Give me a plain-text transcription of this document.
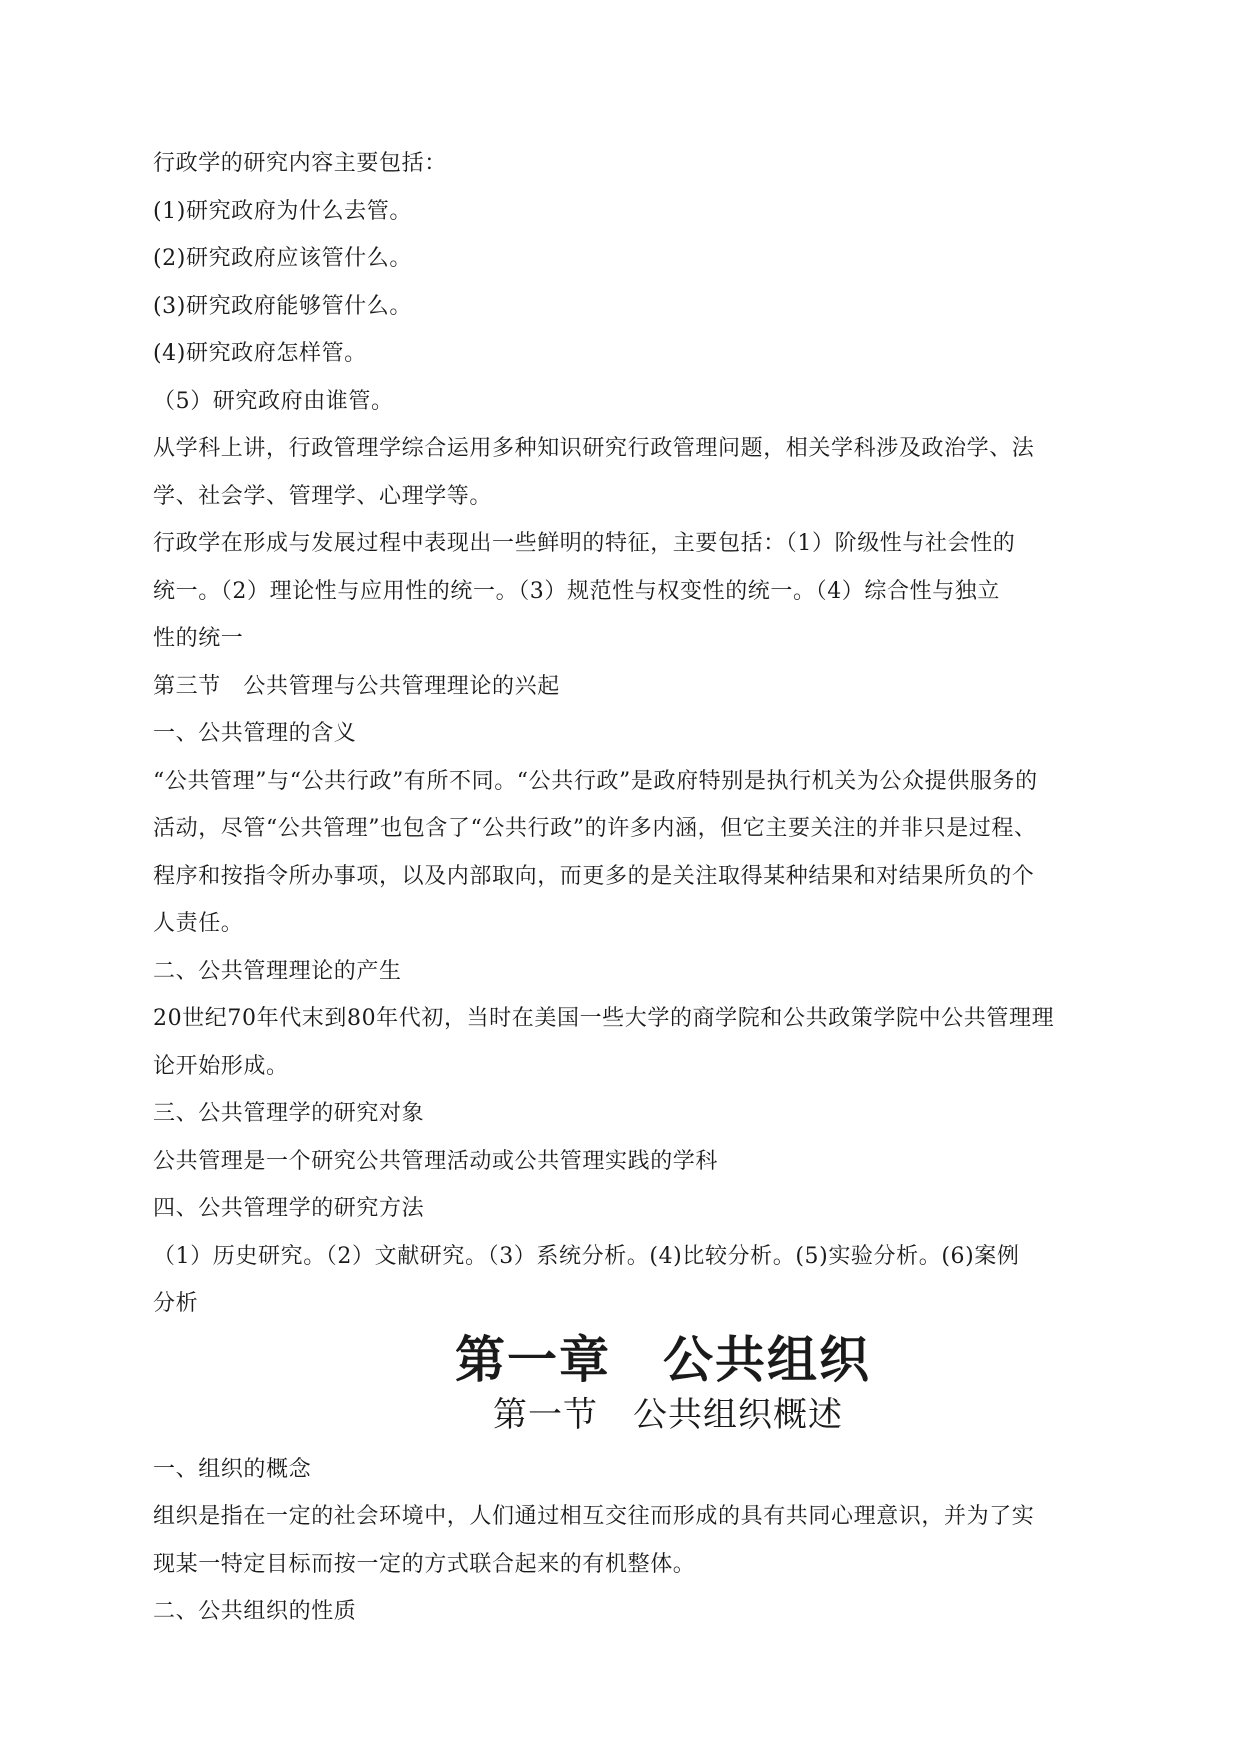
行政学的研究内容主要包括：
(1)研究政府为什么去管。
(2)研究政府应该管什么。
(3)研究政府能够管什么。
(4)研究政府怎样管。
（5）研究政府由谁管。
从学科上讲，行政管理学综合运用多种知识研究行政管理问题，相关学科涉及政治学、法
学、社会学、管理学、心理学等。
行政学在形成与发展过程中表现出一些鲜明的特征，主要包括：（1）阶级性与社会性的
统一。（2）理论性与应用性的统一。（3）规范性与权变性的统一。（4）综合性与独立
性的统一
第三节　公共管理与公共管理理论的兴起
一、公共管理的含义
“公共管理”与“公共行政”有所不同。“公共行政”是政府特别是执行机关为公众提供服务的
活动，尽管“公共管理”也包含了“公共行政”的许多内涵，但它主要关注的并非只是过程、
程序和按指令所办事项，以及内部取向，而更多的是关注取得某种结果和对结果所负的个
人责任。
二、公共管理理论的产生
20世纪70年代末到80年代初，当时在美国一些大学的商学院和公共政策学院中公共管理理
论开始形成。
三、公共管理学的研究对象
公共管理是一个研究公共管理活动或公共管理实践的学科
四、公共管理学的研究方法
（1）历史研究。（2）文献研究。（3）系统分析。(4)比较分析。(5)实验分析。(6)案例
分析
第一章　公共组织
第一节　公共组织概述
一、组织的概念
组织是指在一定的社会环境中，人们通过相互交往而形成的具有共同心理意识，并为了实
现某一特定目标而按一定的方式联合起来的有机整体。
二、公共组织的性质
